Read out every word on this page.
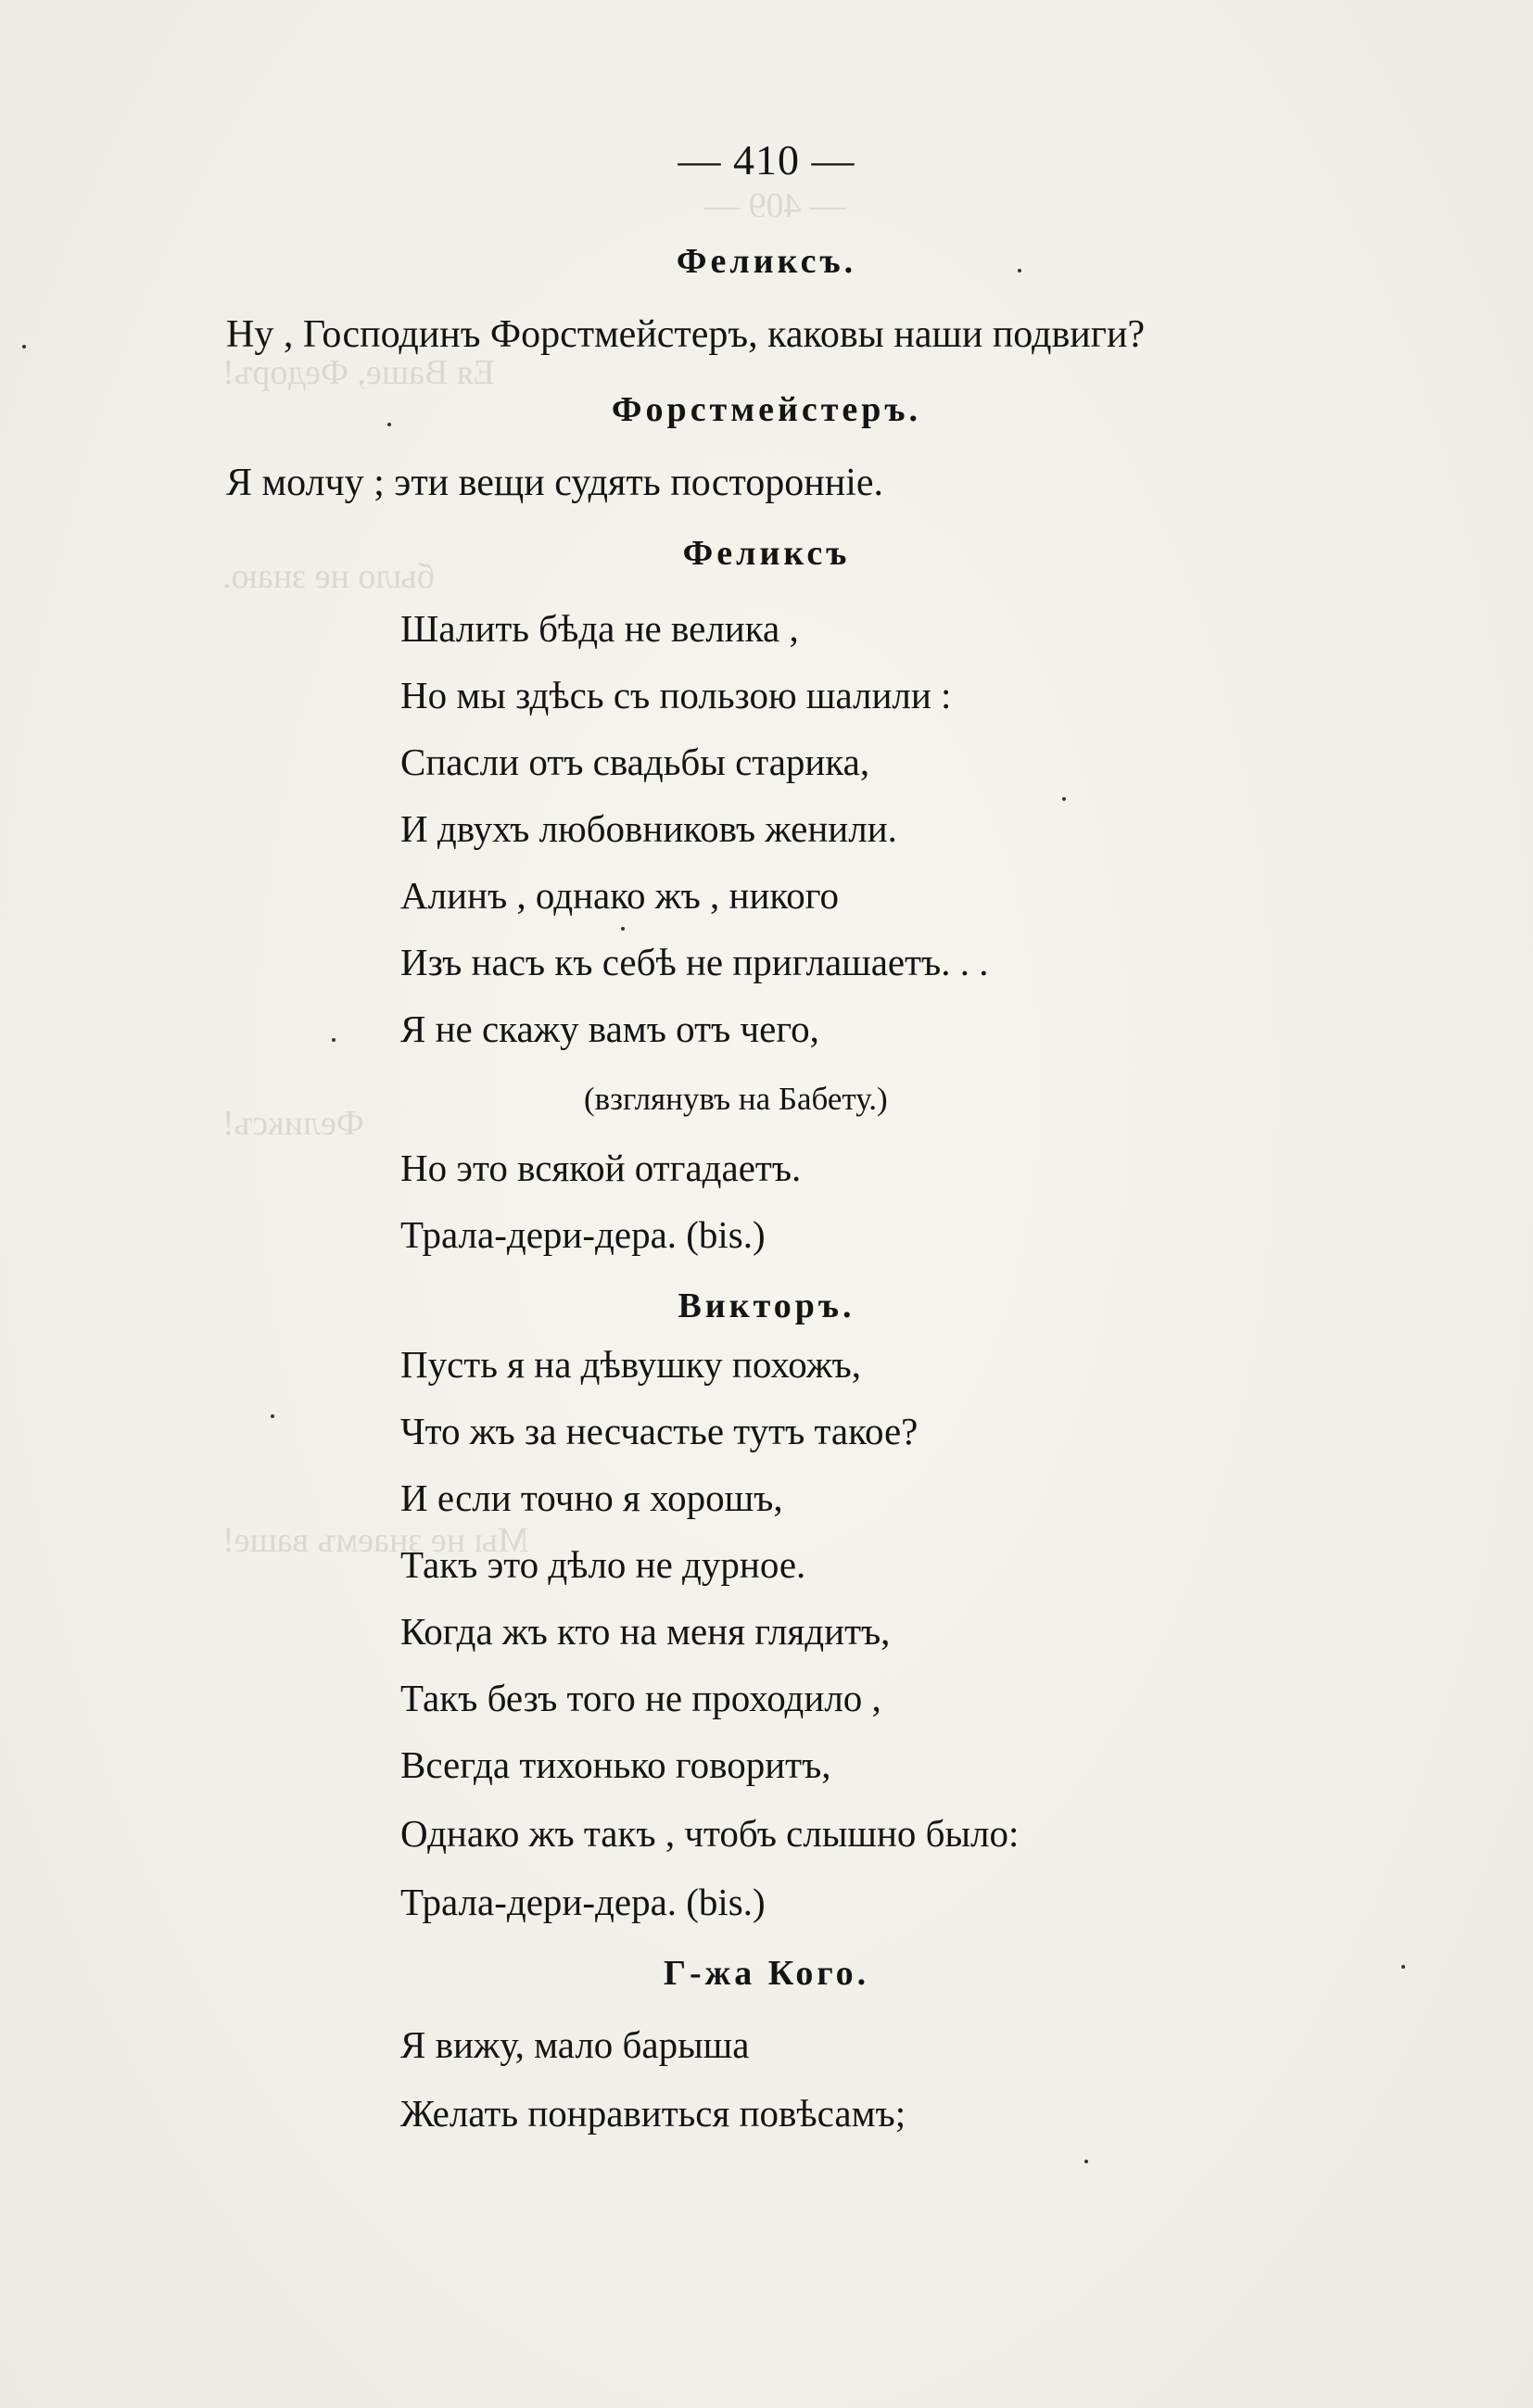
— 409 —
Ея Ваше, Федоръ!
было не знаю.
Феликсъ!
Мы не знаемъ ваше!
— 410 —
Феликсъ.
Ну , Господинъ Форстмейстеръ, каковы наши подвиги?
Форстмейстеръ.
Я молчу ; эти вещи судять постороннiе.
Феликсъ
Шалить бѣда не велика ,
Но мы здѣсь съ пользою шалили :
Спасли отъ свадьбы старика,
И двухъ любовниковъ женили.
Алинъ , однако жъ , никого
Изъ насъ къ себѣ не приглашаетъ. . .
Я не скажу вамъ отъ чего,
(взглянувъ на Бабету.)
Но это всякой отгадаетъ.
Трала-дери-дера. (bis.)
Викторъ.
Пусть я на дѣвушку похожъ,
Что жъ за несчастье тутъ такое?
И если точно я хорошъ,
Такъ это дѣло не дурное.
Когда жъ кто на меня глядитъ,
Такъ безъ того не проходило ,
Всегда тихонько говоритъ,
Однако жъ такъ , чтобъ слышно было:
Трала-дери-дера. (bis.)
Г-жа Кого.
Я вижу, мало барыша
Желать понравиться повѣсамъ;
